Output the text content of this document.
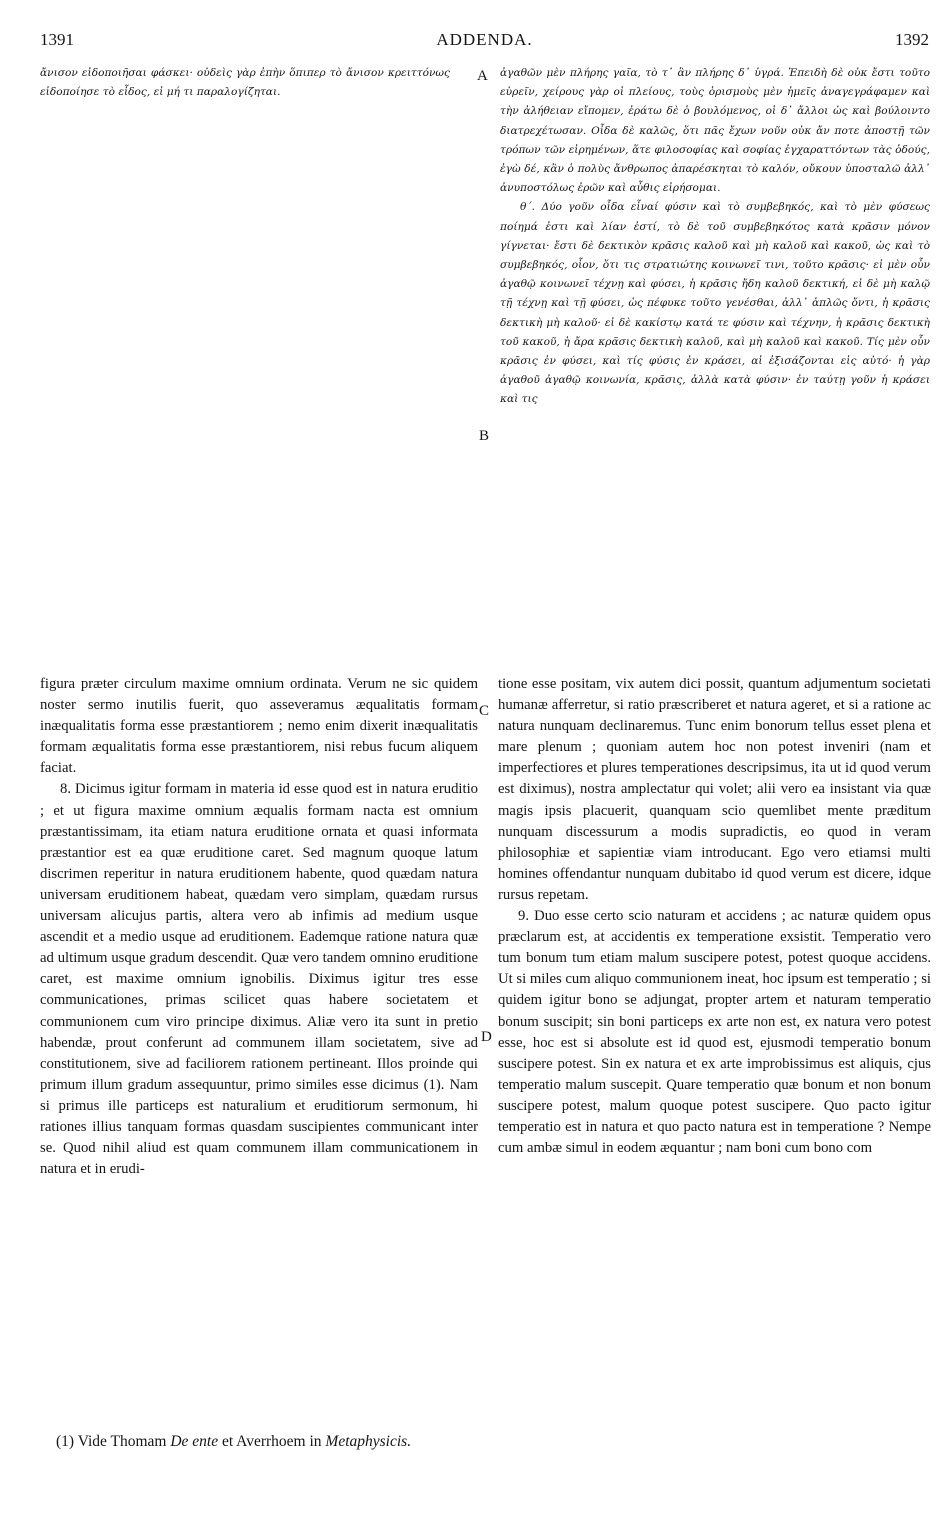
1391	ADDENDA.	1392

ἄνισον εἰδοποιῆσαι φάσκει· οὐδεὶς γὰρ ἐπὴν ὅπιπερ τὸ ἄνισον κρειττόνως εἰδοποίησε τὸ εἶδος, εἰ μή τι παραλογίζηται.

ἀγαθῶν μὲν πλήρης γαῖα, τὸ τ᾽ ἂν πλήρης δ᾽ ὑγρά. Ἐπειδὴ δὲ οὐκ ἔστι τοῦτο εὑρεῖν, χείρους γὰρ οἱ πλείους, τοὺς ὁρισμοὺς μὲν ἡμεῖς ἀναγεγράφαμεν καὶ τὴν ἀλήθειαν εἴπομεν, ἐράτω δὲ ὁ βουλόμενος, οἱ δ᾽ ἄλλοι ὡς καὶ βούλοιντο διατρεχέτωσαν. Οἶδα δὲ καλῶς, ὅτι πᾶς ἔχων νοῦν οὐκ ἄν ποτε ἀποστῇ τῶν τρόπων τῶν εἰρημένων, ἅτε φιλοσοφίας καὶ σοφίας ἐγχαραττόντων τὰς ὁδούς, ἐγὼ δέ, κἂν ὁ πολὺς ἄνθρωπος ἀπαρέσκηται τὸ καλόν, οὔκουν ὑποσταλῶ ἀλλ᾽ ἀνυποστόλως ἐρῶν καὶ αὖθις εἰρήσομαι.

θ΄. Δύο γοῦν οἶδα εἶναί φύσιν καὶ τὸ συμβεβηκός, καὶ τὸ μὲν φύσεως ποίημά ἐστι καὶ λίαν ἐστί, τὸ δὲ τοῦ συμβεβηκότος κατὰ κρᾶσιν μόνον γίγνεται· ἔστι δὲ δεκτικὸν κρᾶσις καλοῦ καὶ μὴ καλοῦ καὶ κακοῦ, ὡς καὶ τὸ συμβεβηκός, οἷον, ὅτι τις στρατιώτης κοινωνεῖ τινι, τοῦτο κρᾶσις· εἰ μὲν οὖν ἀγαθῷ κοινωνεῖ τέχνῃ καὶ φύσει, ἡ κρᾶσις ἤδη καλοῦ δεκτική, εἰ δὲ μὴ καλῷ τῇ τέχνῃ καὶ τῇ φύσει, ὡς πέφυκε τοῦτο γενέσθαι, ἀλλ᾽ ἁπλῶς ὄντι, ἡ κρᾶσις δεκτικὴ μὴ καλοῦ· εἰ δὲ κακίστῳ κατά τε φύσιν καὶ τέχνην, ἡ κρᾶσις δεκτικὴ τοῦ κακοῦ, ἡ ἄρα κρᾶσις δεκτικὴ καλοῦ, καὶ μὴ καλοῦ καὶ κακοῦ. Τίς μὲν οὖν κρᾶσις ἐν φύσει, καὶ τίς φύσις ἐν κράσει, αἱ ἐξισάζονται εἰς αὐτό· ἡ γὰρ ἀγαθοῦ ἀγαθῷ κοινωνία, κρᾶσις, ἀλλὰ κατὰ φύσιν· ἐν ταύτῃ γοῦν ἡ κράσει καὶ τις

A
B
C
D

figura præter circulum maxime omnium ordinata. Verum ne sic quidem noster sermo inutilis fuerit, quo asseveramus æqualitatis formam inæqualitatis forma esse præstantiorem ; nemo enim dixerit inæqualitatis formam æqualitatis forma esse præstantiorem, nisi rebus fucum aliquem faciat.

8. Dicimus igitur formam in materia id esse quod est in natura eruditio ; et ut figura maxime omnium æqualis formam nacta est omnium præstantissimam, ita etiam natura eruditione ornata et quasi informata præstantior est ea quæ eruditione caret. Sed magnum quoque latum discrimen reperitur in natura eruditionem habente, quod quædam natura universam eruditionem habeat, quædam vero simplam, quædam rursus universam alicujus partis, altera vero ab infimis ad medium usque ascendit et a medio usque ad eruditionem. Eademque ratione natura quæ ad ultimum usque gradum descendit. Quæ vero tandem omnino eruditione caret, est maxime omnium ignobilis. Diximus igitur tres esse communicationes, primas scilicet quas habere societatem et communionem cum viro principe diximus. Aliæ vero ita sunt in pretio habendæ, prout conferunt ad communem illam societatem, sive ad constitutionem, sive ad faciliorem rationem pertineant. Illos proinde qui primum illum gradum assequuntur, primo similes esse dicimus (1). Nam si primus ille particeps est naturalium et eruditiorum sermonum, hi rationes illius tanquam formas quasdam suscipientes communicant inter se. Quod nihil aliud est quam communem illam communicationem in natura et in erudi-

tione esse positam, vix autem dici possit, quantum adjumentum societati humanæ afferretur, si ratio præscriberet et natura ageret, et si a ratione ac natura nunquam declinaremus. Tunc enim bonorum tellus esset plena et mare plenum ; quoniam autem hoc non potest inveniri (nam et imperfectiores et plures temperationes descripsimus, ita ut id quod verum est diximus), nostra amplectatur qui volet; alii vero ea insistant via quæ magis ipsis placuerit, quanquam scio quemlibet mente præditum nunquam discessurum a modis supradictis, eo quod in veram philosophiæ et sapientiæ viam introducant. Ego vero etiamsi multi homines offendantur nunquam dubitabo id quod verum est dicere, idque rursus repetam.

9. Duo esse certo scio naturam et accidens ; ac naturæ quidem opus præclarum est, at accidentis ex temperatione exsistit. Temperatio vero tum bonum tum etiam malum suscipere potest, potest quoque accidens. Ut si miles cum aliquo communionem ineat, hoc ipsum est temperatio ; si quidem igitur bono se adjungat, propter artem et naturam temperatio bonum suscipit; sin boni particeps ex arte non est, ex natura vero potest esse, hoc est si absolute est id quod est, ejusmodi temperatio bonum suscipere potest. Sin ex natura et ex arte improbissimus est aliquis, cjus temperatio malum suscepit. Quare temperatio quæ bonum et non bonum suscipere potest, malum quoque potest suscipere. Quo pacto igitur temperatio est in natura et quo pacto natura est in temperatione ? Nempe cum ambæ simul in eodem æquantur ; nam boni cum bono com

(1) Vide Thomam De ente et Averrhoem in Metaphysicis.
